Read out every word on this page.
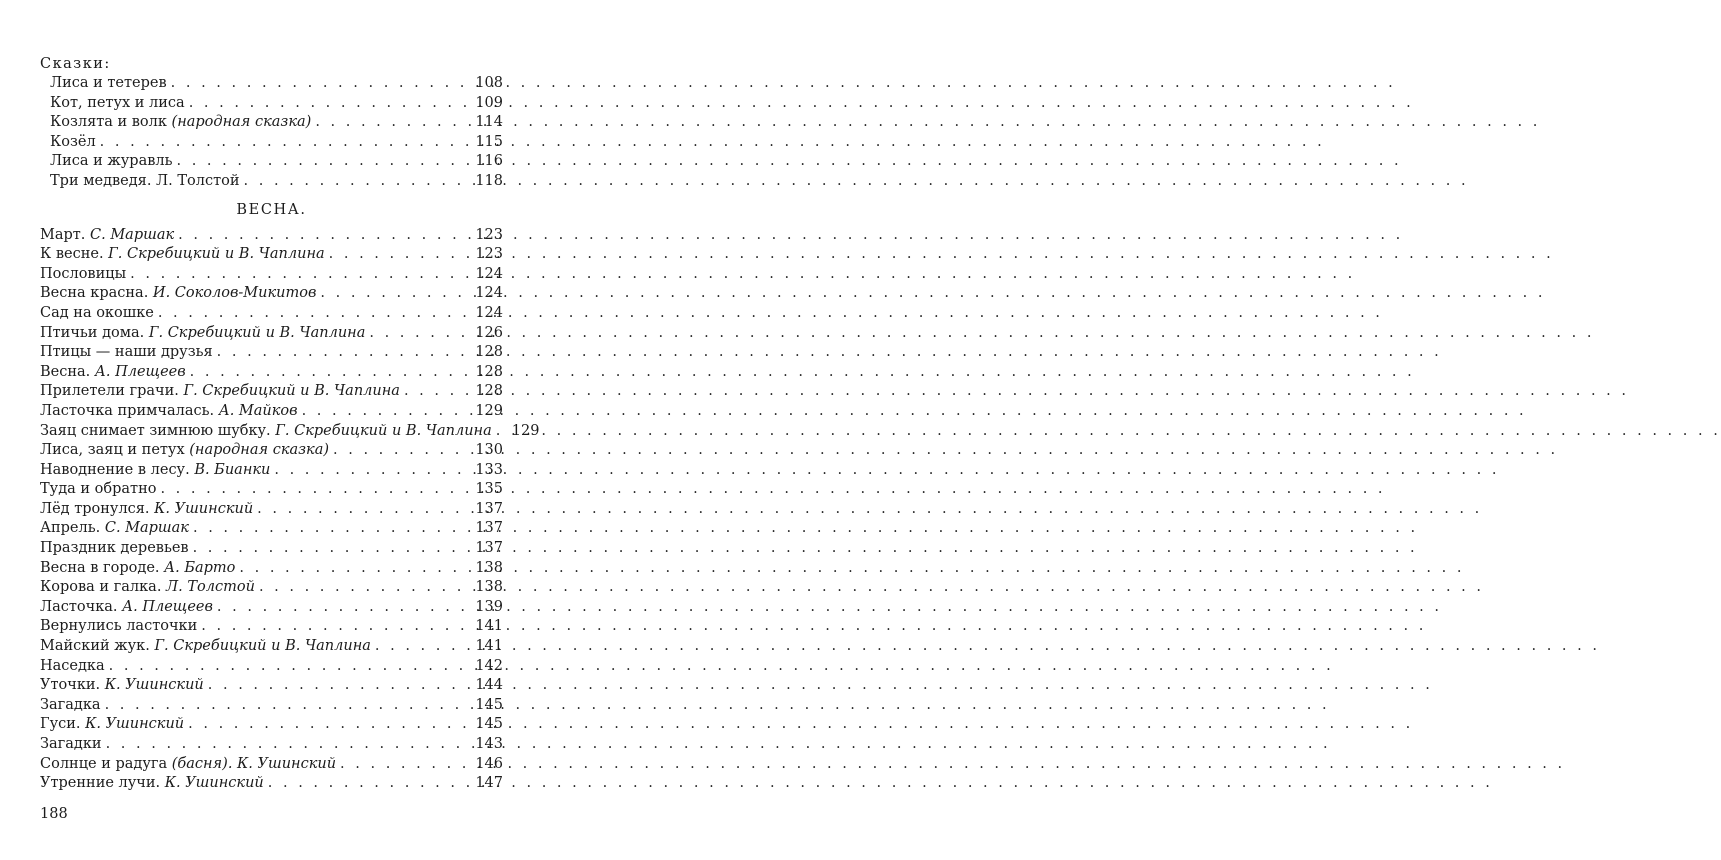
Сказки:
Лиса и тетерев . . .	108
Кот, петух и лиса . . .	109
Козлята и волк (народная сказка) . . .	114
Козёл . . .	115
Лиса и журавль . . .	116
Три медведя. Л. Толстой . . .	118
ВЕСНА.
Март. С. Маршак . . .	123
К весне. Г. Скребицкий и В. Чаплина . . .	123
Пословицы . . .	124
Весна красна. И. Соколов-Микитов . . .	124
Сад на окошке . . .	124
Птичьи дома. Г. Скребицкий и В. Чаплина . . .	126
Птицы — наши друзья . . .	128
Весна. А. Плещеев . . .	128
Прилетели грачи. Г. Скребицкий и В. Чаплина . . .	128
Ласточка примчалась. А. Майков . . .	129
Заяц снимает зимнюю шубку. Г. Скребицкий и В. Чаплина . . . 129
Лиса, заяц и петух (народная сказка) . . .	130
Наводнение в лесу. В. Бианки . . .	133
Туда и обратно . . .	135
Лёд тронулся. К. Ушинский . . .	137
Апрель. С. Маршак . . .	137
Праздник деревьев . . .	137
Весна в городе. А. Барто . . .	138
Корова и галка. Л. Толстой . . .	138
Ласточка. А. Плещеев . . .	139
Вернулись ласточки . . .	141
Майский жук. Г. Скребицкий и В. Чаплина . . .	141
Наседка . . .	142
Уточки. К. Ушинский . . .	144
Загадка . . .	145
Гуси. К. Ушинский . . .	145
Загадки . . .	143
Солнце и радуга (басня). К. Ушинский . . .	146
Утренние лучи. К. Ушинский . . .	147
188
